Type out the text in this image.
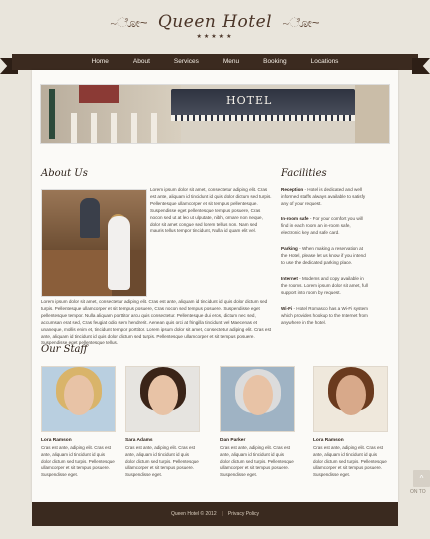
~ೋ~ Queen Hotel ~ೋ~
★★★★★
Home	About	Services	Menu	Booking	Locations
HOTEL
About Us
Lorem ipsum dolor sit amet, consectetur adiping elit. Cras est ante, aliquam id tincidunt id quis dolor dictum sed turpis. Pellentesque ullamcorper et sit tempus pellentesque. Suspendisse eget pellentesque tempus posuere, Cras nocon sed ut at leo ut ulputate, nibh, ornare non neque, dolor sit amet congue sed lorem tellus non. Nam sed mauris tellus tempor tincidunt, Nulla id quam elit vel.
Lorem ipsum dolor sit amet, consectetur adiping elit. Cras est ante, aliquam id tincidunt id quis dolor dictum sed turpis. Pellentesque ullamcorper et sit tempus posuere, Cras nocon sed tempus posuere. Suspendisse eget pellentesque tempor. Nulla aliquam porttitor arcu quis consectetur. Pellentesque dui eros, dictum nec sed, accumsan erat sed, Cras feugiat odio sem hendrerit. Aenean quis orci at fringilla tincidunt vel Maecenas et unaneque, mollis enim et, tincidunt tempor porttitor. Lorem ipsum dolor sit amet, consectetur adiping elit. Cras est ante, aliquam id tincidunt id quis dolor dictum sed turpis. Pellentesque ullamcorper et sit tempus posuere. Suspendisse eget pellentesque tellus.
Facilities
Reception - Hotel is dedicated and well informed staffs always available to satisfy any of your request.
In-room safe - For your comfort you will find in each room an in-room safe, electronic key and safe card.
Parking - When making a reservation at the Hotel, please let us know if you intend to use the dedicated parking place.
Internet - Modems and copy available in the rooms. Lorem ipsum dolor sit amet, full support into room by request.
Wi-Fi - Hotel Romasco has a Wi-Fi system which provides hookup to the Internet from anywhere in the hotel.
Our Staff
Lora Ramson
Cras est ante, adiping elit. Cras est ante, aliquam id tincidunt id quis dolor dictum sed turpis. Pellentesque ullamcorper et sit tempus posuere. Suspendisse eget.
Sara Adams
Cras est ante, adiping elit. Cras est ante, aliquam id tincidunt id quis dolor dictum sed turpis. Pellentesque ullamcorper et sit tempus posuere. Suspendisse eget.
Dan Parker
Cras est ante, adiping elit. Cras est ante, aliquam id tincidunt id quis dolor dictum sed turpis. Pellentesque ullamcorper et sit tempus posuere. Suspendisse eget.
Lora Ramson
Cras est ante, adiping elit. Cras est ante, aliquam id tincidunt id quis dolor dictum sed turpis. Pellentesque ullamcorper et sit tempus posuere. Suspendisse eget.	^
ON TO
Queen Hotel © 2012 | Privacy Policy
